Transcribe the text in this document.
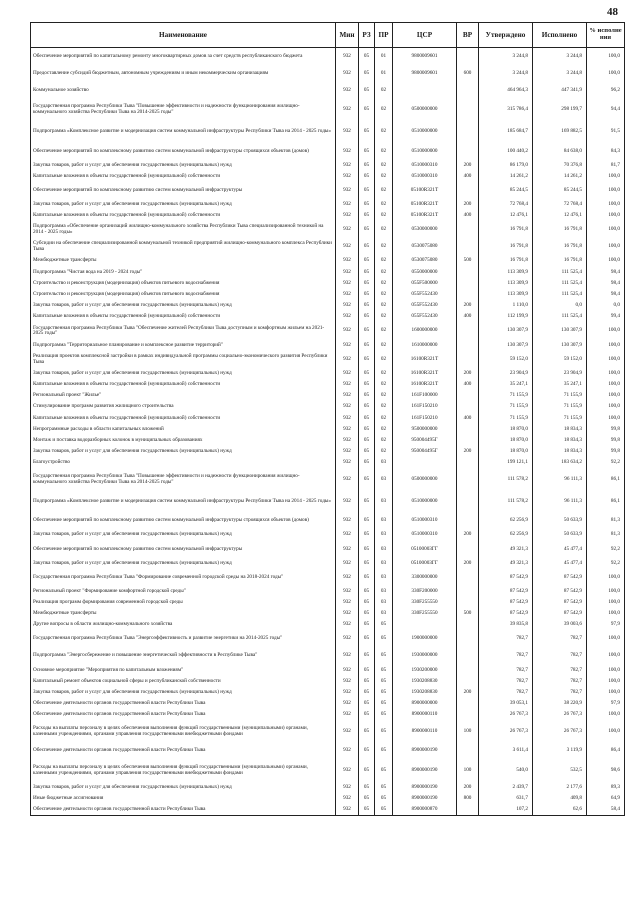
48
Наименование	Мин	РЗ	ПР	ЦСР	ВР	Утверждено	Исполнено	% исполне ния
Обеспечение мероприятий по капитальному ремонту многоквартирных домов за счет средств республиканского бюджета	932	05	01	9800009601		3 244,8	3 244,8	100,0
Предоставление субсидий бюджетным, автономным учреждениям и иным некоммерческим организациям	932	05	01	9800009601	600	3 244,8	3 244,8	100,0
Коммунальное хозяйство	932	05	02			464 964,3	447 341,9	96,2
Государственная программа Республики Тыва "Повышение эффективности и надежности функционирования жилищно-коммунального хозяйства Республики Тыва на 2014-2025 годы"	932	05	02	0500000000		315 786,4	298 199,7	94,4
Подпрограмма «Комплексное развитие и модернизация систем коммунальной инфраструктуры Республики Тыва на 2014 - 2025 годы»	932	05	02	0510000000		185 684,7	169 882,5	91,5
Обеспечение мероприятий по комплексному развитию систем коммунальной инфраструктуры строящихся объектов (домов)	932	05	02	0510000000		100 440,2	84 638,0	84,3
Закупка товаров, работ и услуг для обеспечения государственных (муниципальных) нужд	932	05	02	0510000310	200	86 179,0	70 376,8	81,7
Капитальные вложения в объекты государственной (муниципальной) собственности	932	05	02	0510000310	400	14 261,2	14 261,2	100,0
Обеспечение мероприятий по комплексному развитию систем коммунальной инфраструктуры	932	05	02	05100R321T		85 244,5	85 244,5	100,0
Закупка товаров, работ и услуг для обеспечения государственных (муниципальных) нужд	932	05	02	05100R321T	200	72 768,4	72 768,4	100,0
Капитальные вложения в объекты государственной (муниципальной) собственности	932	05	02	05100R321T	400	12 476,1	12 476,1	100,0
Подпрограмма «Обеспечение организаций жилищно-коммунального хозяйства Республики Тыва специализированной техникой на 2014 - 2025 годы»	932	05	02	0530000000		16 791,8	16 791,8	100,0
Субсидии на обеспечение специализированной коммунальной техникой предприятий жилищно-коммунального комплекса Республики Тыва	932	05	02	0530075080		16 791,8	16 791,8	100,0
Межбюджетные трансферты	932	05	02	0530075080	500	16 791,8	16 791,8	100,0
Подпрограмма "Чистая вода на 2019 - 2024 годы"	932	05	02	0550000000		113 309,9	111 525,4	98,4
Строительство и реконструкция (модернизация) объектов питьевого водоснабжения	932	05	02	055F500000		113 309,9	111 525,4	98,4
Строительство и реконструкция (модернизация) объектов питьевого водоснабжения	932	05	02	055F552430		113 309,9	111 525,4	98,4
Закупка товаров, работ и услуг для обеспечения государственных (муниципальных) нужд	932	05	02	055F552430	200	1 110,0	0,0	0,0
Капитальные вложения в объекты государственной (муниципальной) собственности	932	05	02	055F552430	400	112 199,9	111 525,4	99,4
Государственная программа Республики Тыва "Обеспечение жителей Республики Тыва доступным и комфортным жильем на 2021-2025 годы"	932	05	02	1600000000		130 307,9	130 307,9	100,0
Подпрограмма "Территориальное планирование и комплексное развитие территорий"	932	05	02	1610000000		130 307,9	130 307,9	100,0
Реализация проектов комплексной застройки в рамках индивидуальной программы социально-экономического развития Республики Тыва	932	05	02	16100R321T		59 152,0	59 152,0	100,0
Закупка товаров, работ и услуг для обеспечения государственных (муниципальных) нужд	932	05	02	16100R321T	200	23 904,9	23 904,9	100,0
Капитальные вложения в объекты государственной (муниципальной) собственности	932	05	02	16100R321T	400	35 247,1	35 247,1	100,0
Региональный проект "Жилье"	932	05	02	161F100000		71 155,9	71 155,9	100,0
Стимулирование программ развития жилищного строительства	932	05	02	161F150210		71 155,9	71 155,9	100,0
Капитальные вложения в объекты государственной (муниципальной) собственности	932	05	02	161F150210	400	71 155,9	71 155,9	100,0
Непрограммные расходы в области капитальных вложений	932	05	02	9500000000		18 870,0	18 834,3	99,8
Монтаж и поставка водоразборных колонок в муниципальных образованиях	932	05	02	950004495Г		18 870,0	18 834,3	99,8
Закупка товаров, работ и услуг для обеспечения государственных (муниципальных) нужд	932	05	02	950004495Г	200	18 870,0	18 834,3	99,8
Благоустройство	932	05	03			199 121,1	183 634,2	92,2
Государственная программа Республики Тыва "Повышение эффективности и надежности функционирования жилищно-коммунального хозяйства Республики Тыва на 2014-2025 годы"	932	05	03	0500000000		111 578,2	96 111,3	86,1
Подпрограмма «Комплексное развитие и модернизация систем коммунальной инфраструктуры Республики Тыва на 2014 - 2025 годы»	932	05	03	0510000000		111 578,2	96 111,3	86,1
Обеспечение мероприятий по комплексному развитию систем коммунальной инфраструктуры строящихся объектов (домов)	932	05	03	0510000310		62 256,9	50 633,9	81,3
Закупка товаров, работ и услуг для обеспечения государственных (муниципальных) нужд	932	05	03	0510000310	200	62 256,9	50 633,9	81,3
Обеспечение мероприятий по комплексному развитию систем коммунальной инфраструктуры	932	05	03	05100003ГГ		49 321,3	45 477,4	92,2
Закупка товаров, работ и услуг для обеспечения государственных (муниципальных) нужд	932	05	03	05100003ГГ	200	49 321,3	45 477,4	92,2
Государственная программа Республики Тыва "Формирование современной городской среды на 2018-2024 годы"	932	05	03	3300000000		87 542,9	87 542,9	100,0
Региональный проект "Формирование комфортной городской среды"	932	05	03	330F200000		87 542,9	87 542,9	100,0
Реализация программ формирования современной городской среды	932	05	03	330F255550		87 542,9	87 542,9	100,0
Межбюджетные трансферты	932	05	03	330F255550	500	87 542,9	87 542,9	100,0
Другие вопросы в области жилищно-коммунального хозяйства	932	05	05			39 835,8	39 003,6	97,9
Государственная программа Республики Тыва "Энергоэффективность и развитие энергетики на 2014-2025 годы"	932	05	05	1900000000		782,7	782,7	100,0
Подпрограмма "Энергосбережение и повышение энергетической эффективности в Республике Тыва"	932	05	05	1930000000		782,7	782,7	100,0
Основное мероприятие "Мероприятия по капитальным вложениям"	932	05	05	1930200000		782,7	782,7	100,0
Капитальный ремонт объектов социальной сферы и республиканской собственности	932	05	05	1930208830		782,7	782,7	100,0
Закупка товаров, работ и услуг для обеспечения государственных (муниципальных) нужд	932	05	05	1930208830	200	782,7	782,7	100,0
Обеспечение деятельности органов государственной власти Республики Тыва	932	05	05	8900000000		39 053,1	38 220,9	97,9
Обеспечение деятельности органов государственной власти Республики Тыва	932	05	05	8900000110		26 767,3	26 767,3	100,0
Расходы на выплаты персоналу в целях обеспечения выполнения функций государственными (муниципальными) органами, казенными учреждениями, органами управления государственными внебюджетными фондами	932	05	05	8900000110	100	26 767,3	26 767,3	100,0
Обеспечение деятельности органов государственной власти Республики Тыва	932	05	05	8900000190		3 611,4	3 119,9	86,4
Расходы на выплаты персоналу в целях обеспечения выполнения функций государственными (муниципальными) органами, казенными учреждениями, органами управления государственными внебюджетными фондами	932	05	05	8900000190	100	540,0	532,5	98,6
Закупка товаров, работ и услуг для обеспечения государственных (муниципальных) нужд	932	05	05	8900000190	200	2 439,7	2 177,6	89,3
Иные бюджетные ассигнования	932	05	05	8900000190	800	631,7	409,8	64,9
Обеспечение деятельности органов государственной власти Республики Тыва	932	05	05	8900000870		107,2	62,6	58,4
